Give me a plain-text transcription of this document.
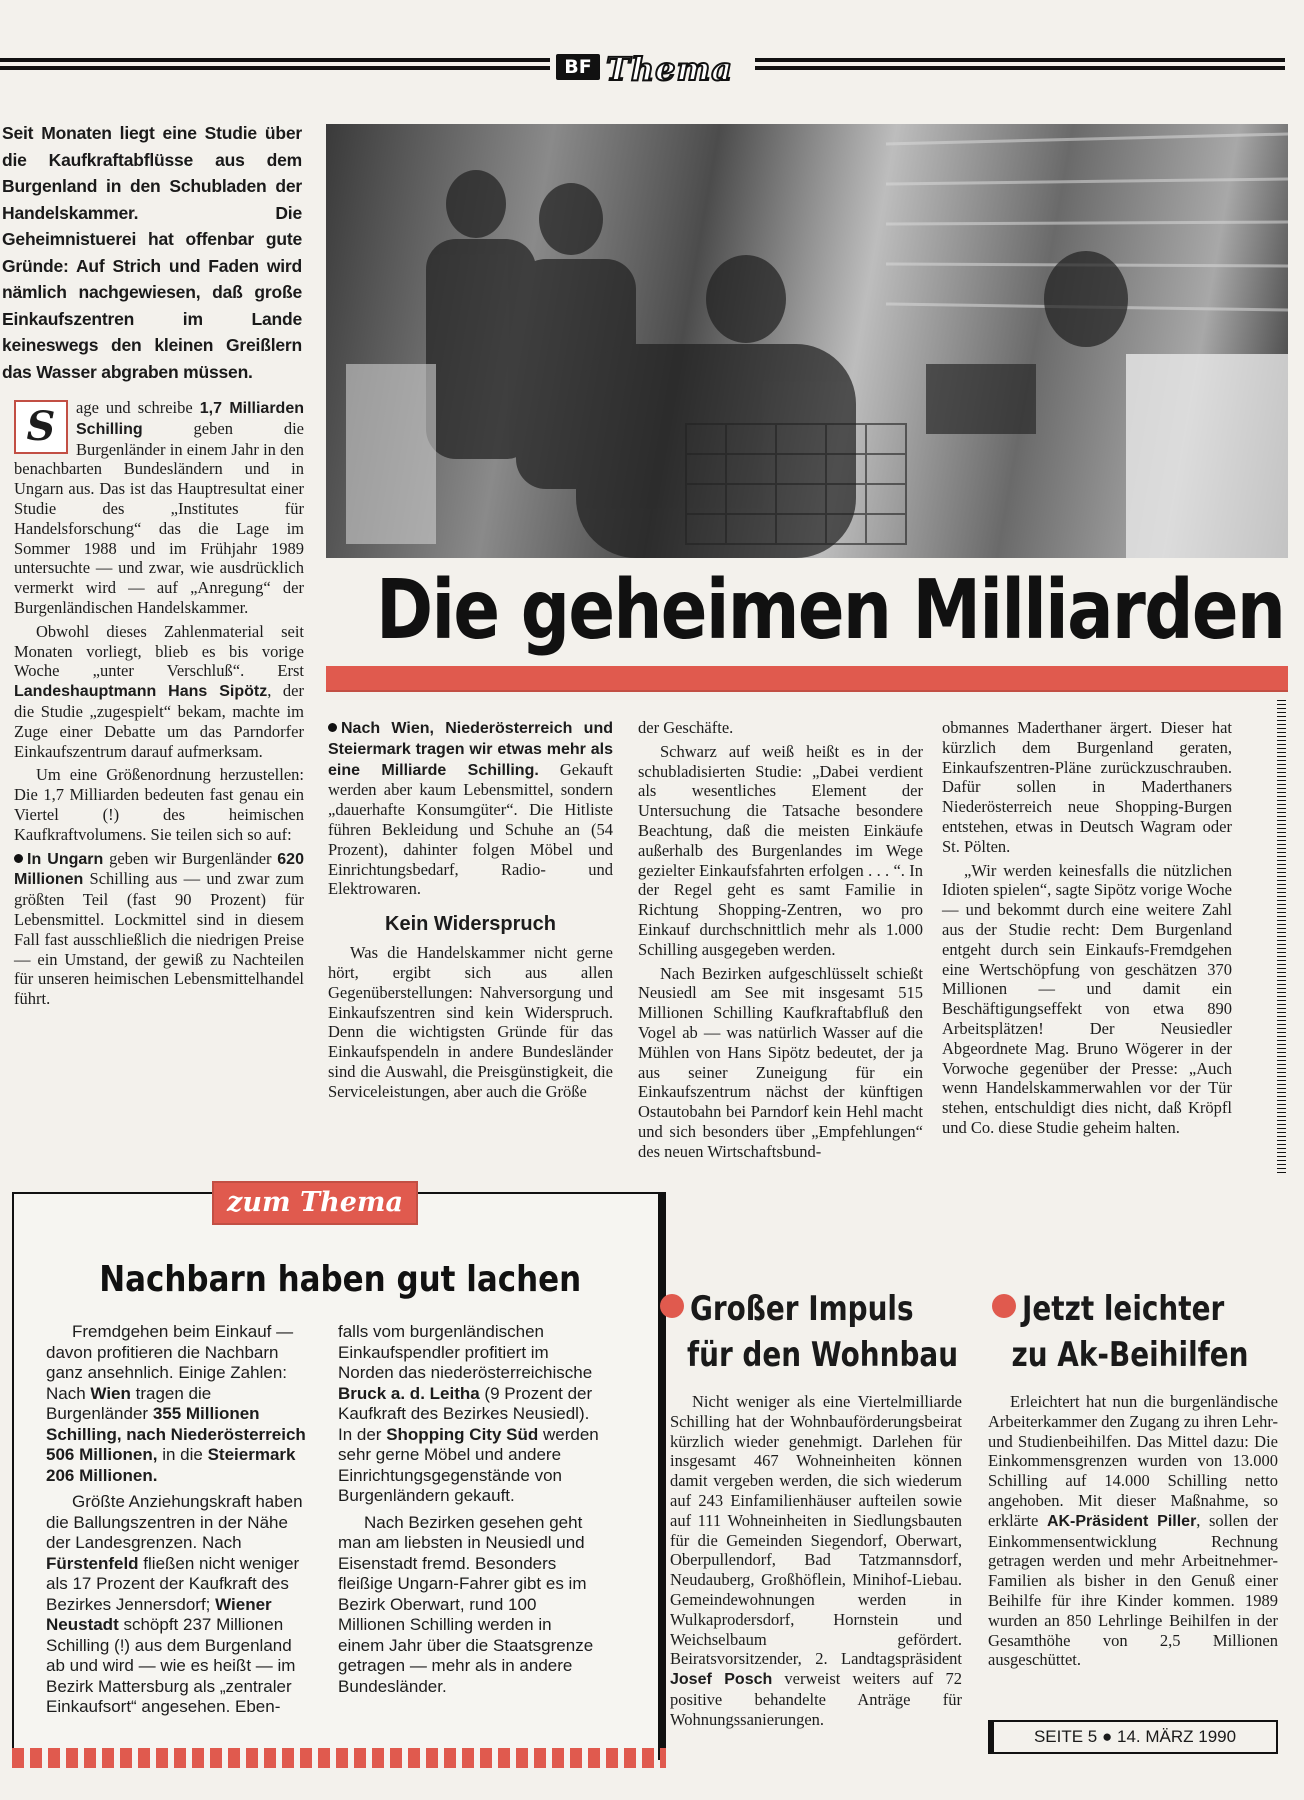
BF Thema
Seit Monaten liegt eine Studie über die Kaufkraftabflüsse aus dem Burgenland in den Schubladen der Handelskammer. Die Geheimnistuerei hat offenbar gute Gründe: Auf Strich und Faden wird nämlich nachgewiesen, daß große Einkaufszentren im Lande keineswegs den kleinen Greißlern das Wasser abgraben müssen.
Die geheimen Milliarden
S	age und schreibe 1,7 Milliarden Schilling geben die Burgenländer in einem Jahr in den benachbarten Bundesländern und in Ungarn aus. Das ist das Hauptresultat einer Studie des „Institutes für Handelsforschung“ das die Lage im Sommer 1988 und im Frühjahr 1989 untersuchte — und zwar, wie ausdrücklich vermerkt wird — auf „Anregung“ der Burgenländischen Handelskammer.

Obwohl dieses Zahlenmaterial seit Monaten vorliegt, blieb es bis vorige Woche „unter Verschluß“. Erst Landeshauptmann Hans Sipötz, der die Studie „zugespielt“ bekam, machte im Zuge einer Debatte um das Parndorfer Einkaufszentrum darauf aufmerksam.

Um eine Größenordnung herzustellen: Die 1,7 Milliarden bedeuten fast genau ein Viertel (!) des heimischen Kaufkraftvolumens. Sie teilen sich so auf:

In Ungarn geben wir Burgenländer 620 Millionen Schilling aus — und zwar zum größten Teil (fast 90 Prozent) für Lebensmittel. Lockmittel sind in diesem Fall fast ausschließlich die niedrigen Preise — ein Umstand, der gewiß zu Nachteilen für unseren heimischen Lebensmittelhandel führt.

Nach Wien, Niederösterreich und Steiermark tragen wir etwas mehr als eine Milliarde Schilling. Gekauft werden aber kaum Lebensmittel, sondern „dauerhafte Konsumgüter“. Die Hitliste führen Bekleidung und Schuhe an (54 Prozent), dahinter folgen Möbel und Einrichtungsbedarf, Radio- und Elektrowaren.

Kein Widerspruch

Was die Handelskammer nicht gerne hört, ergibt sich aus allen Gegenüberstellungen: Nahversorgung und Einkaufszentren sind kein Widerspruch. Denn die wichtigsten Gründe für das Einkaufspendeln in andere Bundesländer sind die Auswahl, die Preisgünstigkeit, die Serviceleistungen, aber auch die Größe

der Geschäfte.

Schwarz auf weiß heißt es in der schubladisierten Studie: „Dabei verdient als wesentliches Element der Untersuchung die Tatsache besondere Beachtung, daß die meisten Einkäufe außerhalb des Burgenlandes im Wege gezielter Einkaufsfahrten erfolgen . . . “. In der Regel geht es samt Familie in Richtung Shopping-Zentren, wo pro Einkauf durchschnittlich mehr als 1.000 Schilling ausgegeben werden.

Nach Bezirken aufgeschlüsselt schießt Neusiedl am See mit insgesamt 515 Millionen Schilling Kaufkraftabfluß den Vogel ab — was natürlich Wasser auf die Mühlen von Hans Sipötz bedeutet, der ja aus seiner Zuneigung für ein Einkaufszentrum nächst der künftigen Ostautobahn bei Parndorf kein Hehl macht und sich besonders über „Empfehlungen“ des neuen Wirtschaftsbund-

obmannes Maderthaner ärgert. Dieser hat kürzlich dem Burgenland geraten, Einkaufszentren-Pläne zurückzuschrauben. Dafür sollen in Maderthaners Niederösterreich neue Shopping-Burgen entstehen, etwas in Deutsch Wagram oder St. Pölten.

„Wir werden keinesfalls die nützlichen Idioten spielen“, sagte Sipötz vorige Woche — und bekommt durch eine weitere Zahl aus der Studie recht: Dem Burgenland entgeht durch sein Einkaufs-Fremdgehen eine Wertschöpfung von geschätzen 370 Millionen — und damit ein Beschäftigungseffekt von etwa 890 Arbeitsplätzen! Der Neusiedler Abgeordnete Mag. Bruno Wögerer in der Vorwoche gegenüber der Presse: „Auch wenn Handelskammerwahlen vor der Tür stehen, entschuldigt dies nicht, daß Kröpfl und Co. diese Studie geheim halten.

zum Thema
Nachbarn haben gut lachen

Fremdgehen beim Einkauf — davon profitieren die Nachbarn ganz ansehnlich. Einige Zahlen: Nach Wien tragen die Burgenländer 355 Millionen Schilling, nach Niederösterreich 506 Millionen, in die Steiermark 206 Millionen.

Größte Anziehungskraft haben die Ballungszentren in der Nähe der Landesgrenzen. Nach Fürstenfeld fließen nicht weniger als 17 Prozent der Kaufkraft des Bezirkes Jennersdorf; Wiener Neustadt schöpft 237 Millionen Schilling (!) aus dem Burgenland ab und wird — wie es heißt — im Bezirk Mattersburg als „zentraler Einkaufsort“ angesehen. Eben-

falls vom burgenländischen Einkaufspendler profitiert im Norden das niederösterreichische Bruck a. d. Leitha (9 Prozent der Kaufkraft des Bezirkes Neusiedl). In der Shopping City Süd werden sehr gerne Möbel und andere Einrichtungsgegenstände von Burgenländern gekauft.

Nach Bezirken gesehen geht man am liebsten in Neusiedl und Eisenstadt fremd. Besonders fleißige Ungarn-Fahrer gibt es im Bezirk Oberwart, rund 100 Millionen Schilling werden in einem Jahr über die Staatsgrenze getragen — mehr als in andere Bundesländer.

Großer Impuls
für den Wohnbau

Nicht weniger als eine Viertelmilliarde Schilling hat der Wohnbauförderungsbeirat kürzlich wieder genehmigt. Darlehen für insgesamt 467 Wohneinheiten können damit vergeben werden, die sich wiederum auf 243 Einfamilienhäuser aufteilen sowie auf 111 Wohneinheiten in Siedlungsbauten für die Gemeinden Siegendorf, Oberwart, Oberpullendorf, Bad Tatzmannsdorf, Neudauberg, Großhöflein, Minihof-Liebau. Gemeindewohnungen werden in Wulkaprodersdorf, Hornstein und Weichselbaum gefördert. Beiratsvorsitzender, 2. Landtagspräsident Josef Posch verweist weiters auf 72 positive behandelte Anträge für Wohnungssanierungen.

Jetzt leichter
zu Ak-Beihilfen

Erleichtert hat nun die burgenländische Arbeiterkammer den Zugang zu ihren Lehr- und Studienbeihilfen. Das Mittel dazu: Die Einkommensgrenzen wurden von 13.000 Schilling auf 14.000 Schilling netto angehoben. Mit dieser Maßnahme, so erklärte AK-Präsident Piller, sollen der Einkommensentwicklung Rechnung getragen werden und mehr Arbeitnehmer-Familien als bisher in den Genuß einer Beihilfe für ihre Kinder kommen. 1989 wurden an 850 Lehrlinge Beihilfen in der Gesamthöhe von 2,5 Millionen ausgeschüttet.

SEITE 5 ● 14. MÄRZ 1990
